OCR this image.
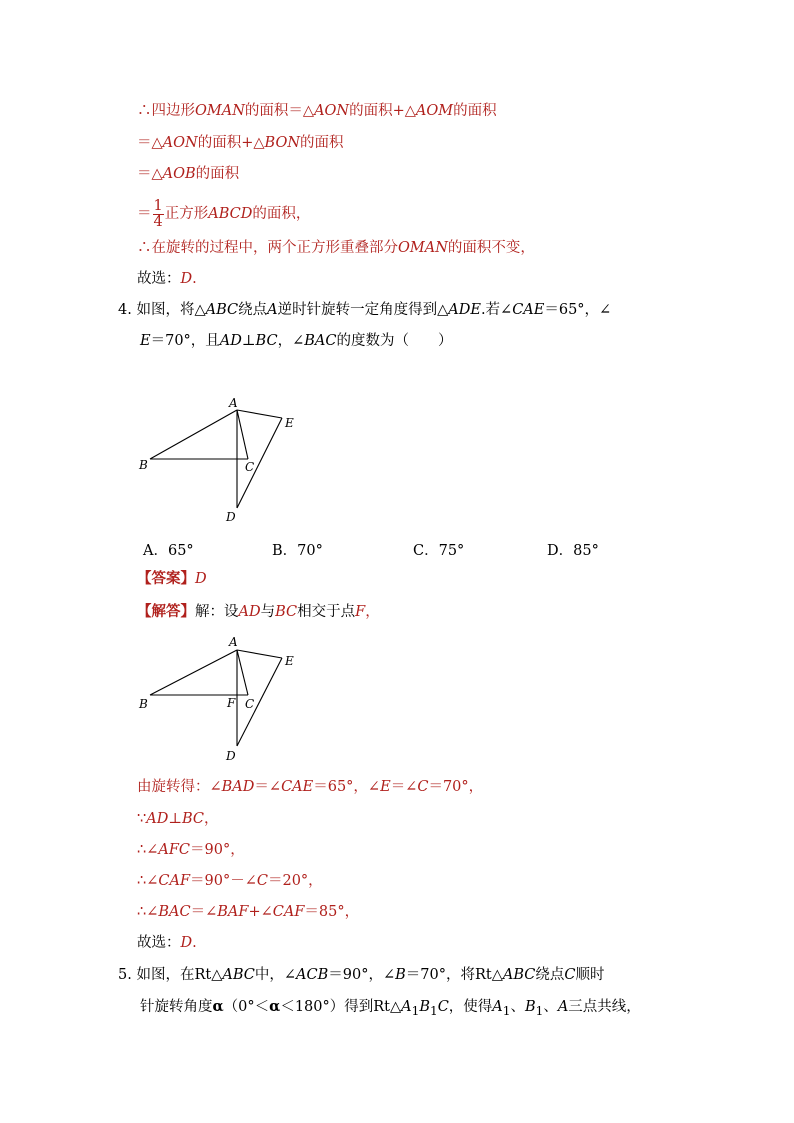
∴四边形OMAN的面积＝△AON的面积+△AOM的面积
＝△AON的面积+△BON的面积
＝△AOB的面积
＝ $\frac{1}{4}$ 正方形ABCD的面积，
∴在旋转的过程中，两个正方形重叠部分OMAN的面积不变，
故选：D.
4. 如图，将△ABC绕点A逆时针旋转一定角度得到△ADE.若∠CAE＝65°，∠
E＝70°，且AD⊥BC，∠BAC的度数为（　　）
A
B	C
D
E
A．65°	B．70°	C．75°	D．85°
【答案】D
【解答】解：设AD与BC相交于点F，
A
B	F C
D
E
由旋转得：∠BAD＝∠CAE＝65°，∠E＝∠C＝70°，
∵AD⊥BC，
∴∠AFC＝90°，
∴∠CAF＝90°－∠C＝20°，
∴∠BAC＝∠BAF+∠CAF＝85°，
故选：D.
5. 如图，在Rt△ABC中，∠ACB＝90°，∠B＝70°，将Rt△ABC绕点C顺时
针旋转角度α（0°＜α＜180°）得到$Rt\triangle A_1B_1C$，使得$A_1$、$B_1$、A三点共线，
